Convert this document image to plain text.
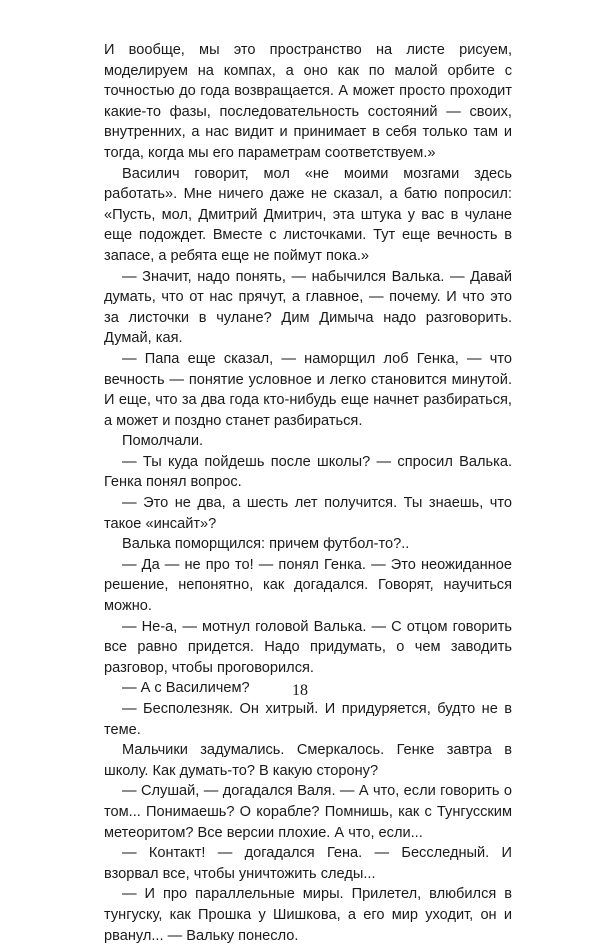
И вообще, мы это пространство на листе рисуем, моделируем на компах, а оно как по малой орбите с точностью до года возвращается. А может просто проходит какие-то фазы, последовательность состояний — своих, внутренних, а нас видит и принимает в себя только там и тогда, когда мы его параметрам соответствуем.»

Василич говорит, мол «не моими мозгами здесь работать». Мне ничего даже не сказал, а батю попросил: «Пусть, мол, Дмитрий Дмитрич, эта штука у вас в чулане еще подождет. Вместе с листочками. Тут еще вечность в запасе, а ребята еще не поймут пока.»

— Значит, надо понять, — набычился Валька. — Давай думать, что от нас прячут, а главное, — почему. И что это за листочки в чулане? Дим Димыча надо разговорить. Думай, кая.

— Папа еще сказал, — наморщил лоб Генка, — что вечность — понятие условное и легко становится минутой. И еще, что за два года кто-нибудь еще начнет разбираться, а может и поздно станет разбираться.

Помолчали.

— Ты куда пойдешь после школы? — спросил Валька. Генка понял вопрос.

— Это не два, а шесть лет получится. Ты знаешь, что такое «инсайт»?

Валька поморщился: причем футбол-то?..

— Да — не про то! — понял Генка. — Это неожиданное решение, непонятно, как догадался. Говорят, научиться можно.

— Не-а, — мотнул головой Валька. — С отцом говорить все равно придется. Надо придумать, о чем заводить разговор, чтобы проговорился.

— А с Василичем?

— Бесполезняк. Он хитрый. И придуряется, будто не в теме.

Мальчики задумались. Смеркалось. Генке завтра в школу. Как думать-то? В какую сторону?

— Слушай, — догадался Валя. — А что, если говорить о том... Понимаешь? О корабле? Помнишь, как с Тунгусским метеоритом? Все версии плохие. А что, если...

— Контакт! — догадался Гена. — Бесследный. И взорвал все, чтобы уничтожить следы...

— И про параллельные миры. Прилетел, влюбился в тунгуску, как Прошка у Шишкова, а его мир уходит, он и рванул... — Вальку понесло.

18
